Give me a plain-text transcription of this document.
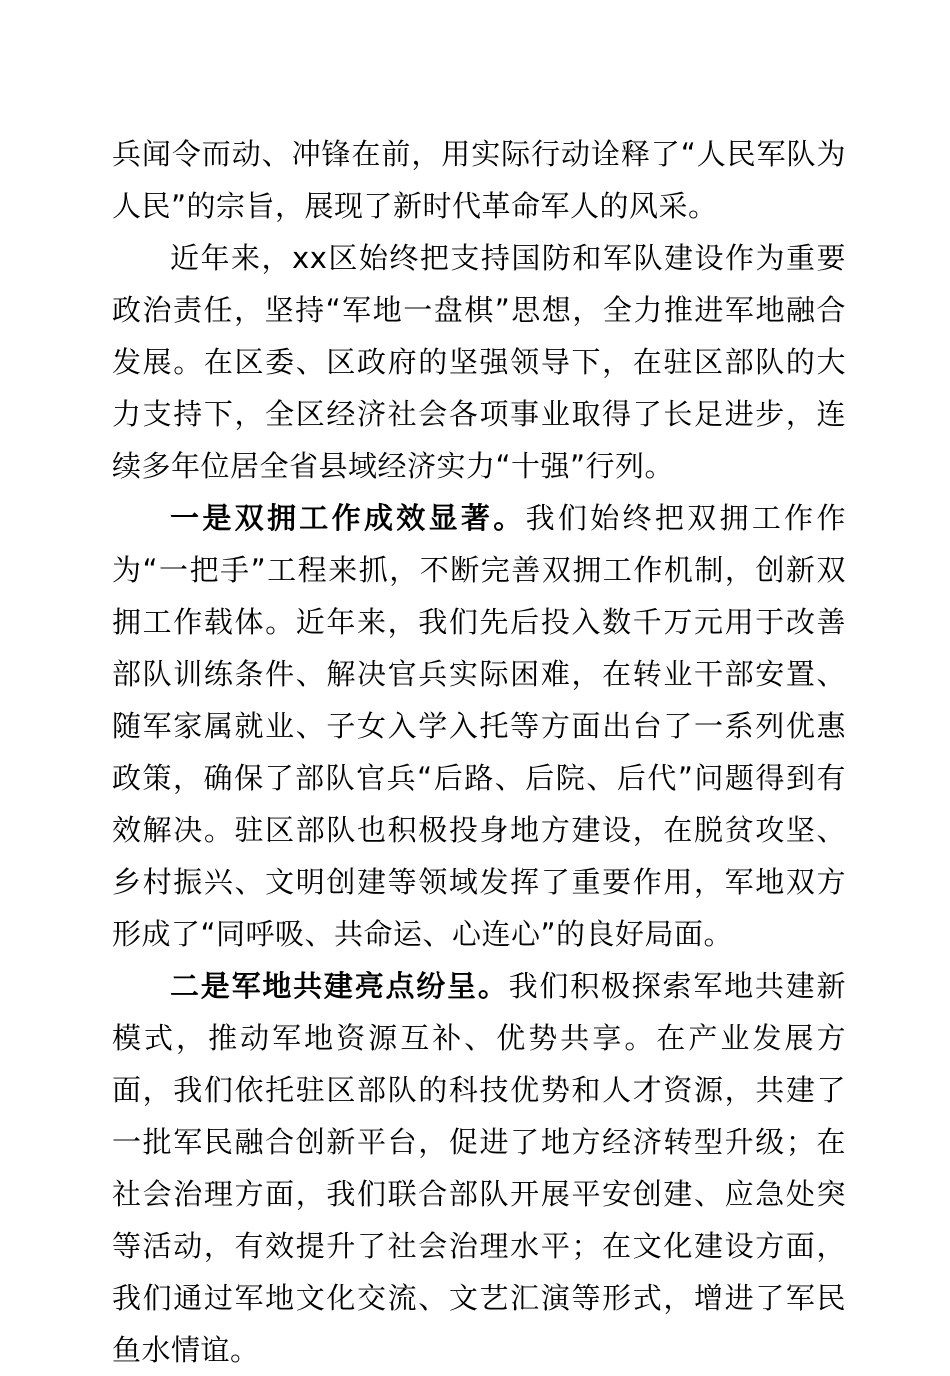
兵闻令而动、冲锋在前，用实际行动诠释了“人民军队为人民”的宗旨，展现了新时代革命军人的风采。

近年来，xx区始终把支持国防和军队建设作为重要政治责任，坚持“军地一盘棋”思想，全力推进军地融合发展。在区委、区政府的坚强领导下，在驻区部队的大力支持下，全区经济社会各项事业取得了长足进步，连续多年位居全省县域经济实力“十强”行列。

一是双拥工作成效显著。我们始终把双拥工作作为“一把手”工程来抓，不断完善双拥工作机制，创新双拥工作载体。近年来，我们先后投入数千万元用于改善部队训练条件、解决官兵实际困难，在转业干部安置、随军家属就业、子女入学入托等方面出台了一系列优惠政策，确保了部队官兵“后路、后院、后代”问题得到有效解决。驻区部队也积极投身地方建设，在脱贫攻坚、乡村振兴、文明创建等领域发挥了重要作用，军地双方形成了“同呼吸、共命运、心连心”的良好局面。

二是军地共建亮点纷呈。我们积极探索军地共建新模式，推动军地资源互补、优势共享。在产业发展方面，我们依托驻区部队的科技优势和人才资源，共建了一批军民融合创新平台，促进了地方经济转型升级；在社会治理方面，我们联合部队开展平安创建、应急处突等活动，有效提升了社会治理水平；在文化建设方面，我们通过军地文化交流、文艺汇演等形式，增进了军民鱼水情谊。
